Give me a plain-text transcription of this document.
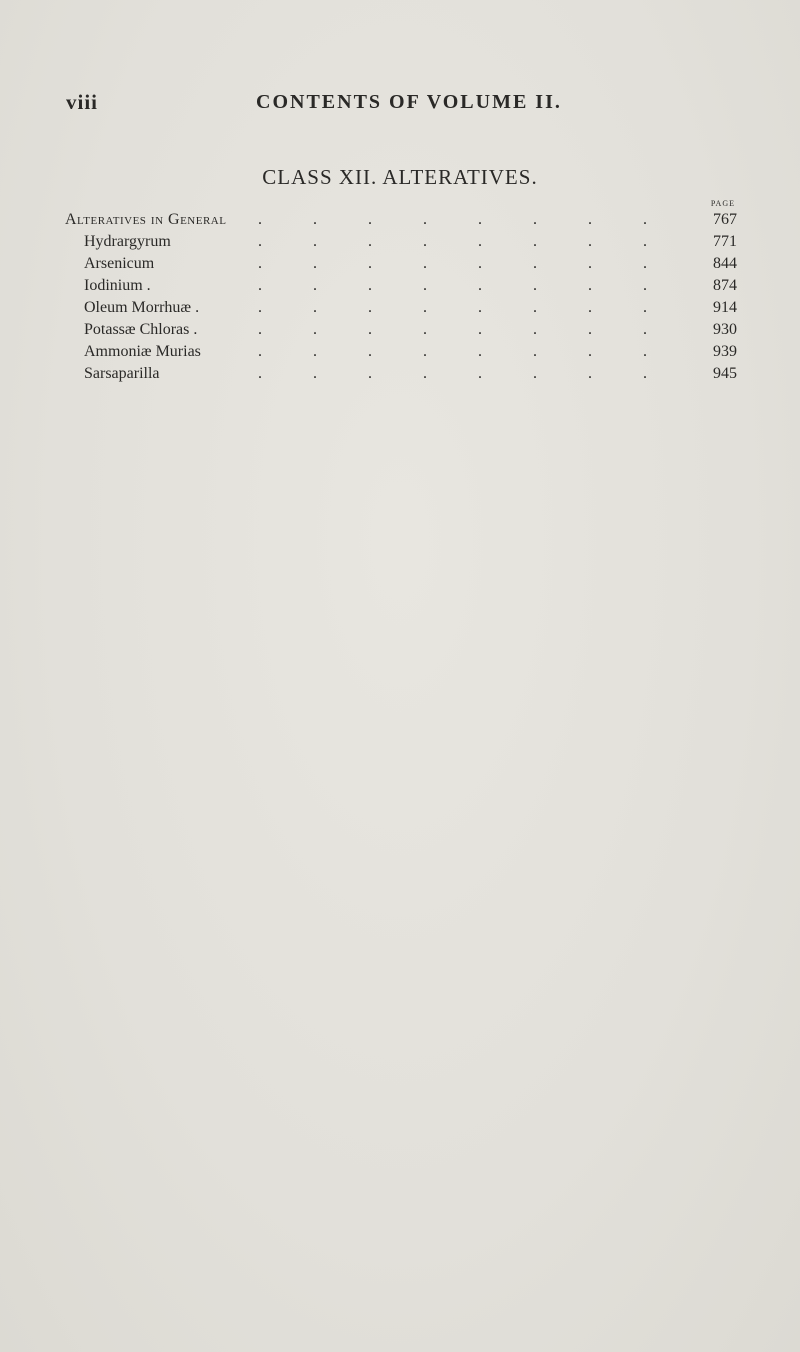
viii	CONTENTS OF VOLUME II.
CLASS XII. ALTERATIVES.
PAGE
Alteratives in General .	.	.	.	.	.	.	.	767
Hydrargyrum	.	.	.	.	.	.	.	.	771
Arsenicum	.	.	.	.	.	.	.	.	844
Iodinium .	.	.	.	.	.	.	.	.	874
Oleum Morrhuæ .	.	.	.	.	.	.	.	.	914
Potassæ Chloras .	.	.	.	.	.	.	.	.	930
Ammoniæ Murias	.	.	.	.	.	.	.	.	939
Sarsaparilla	.	.	.	.	.	.	.	.	945
